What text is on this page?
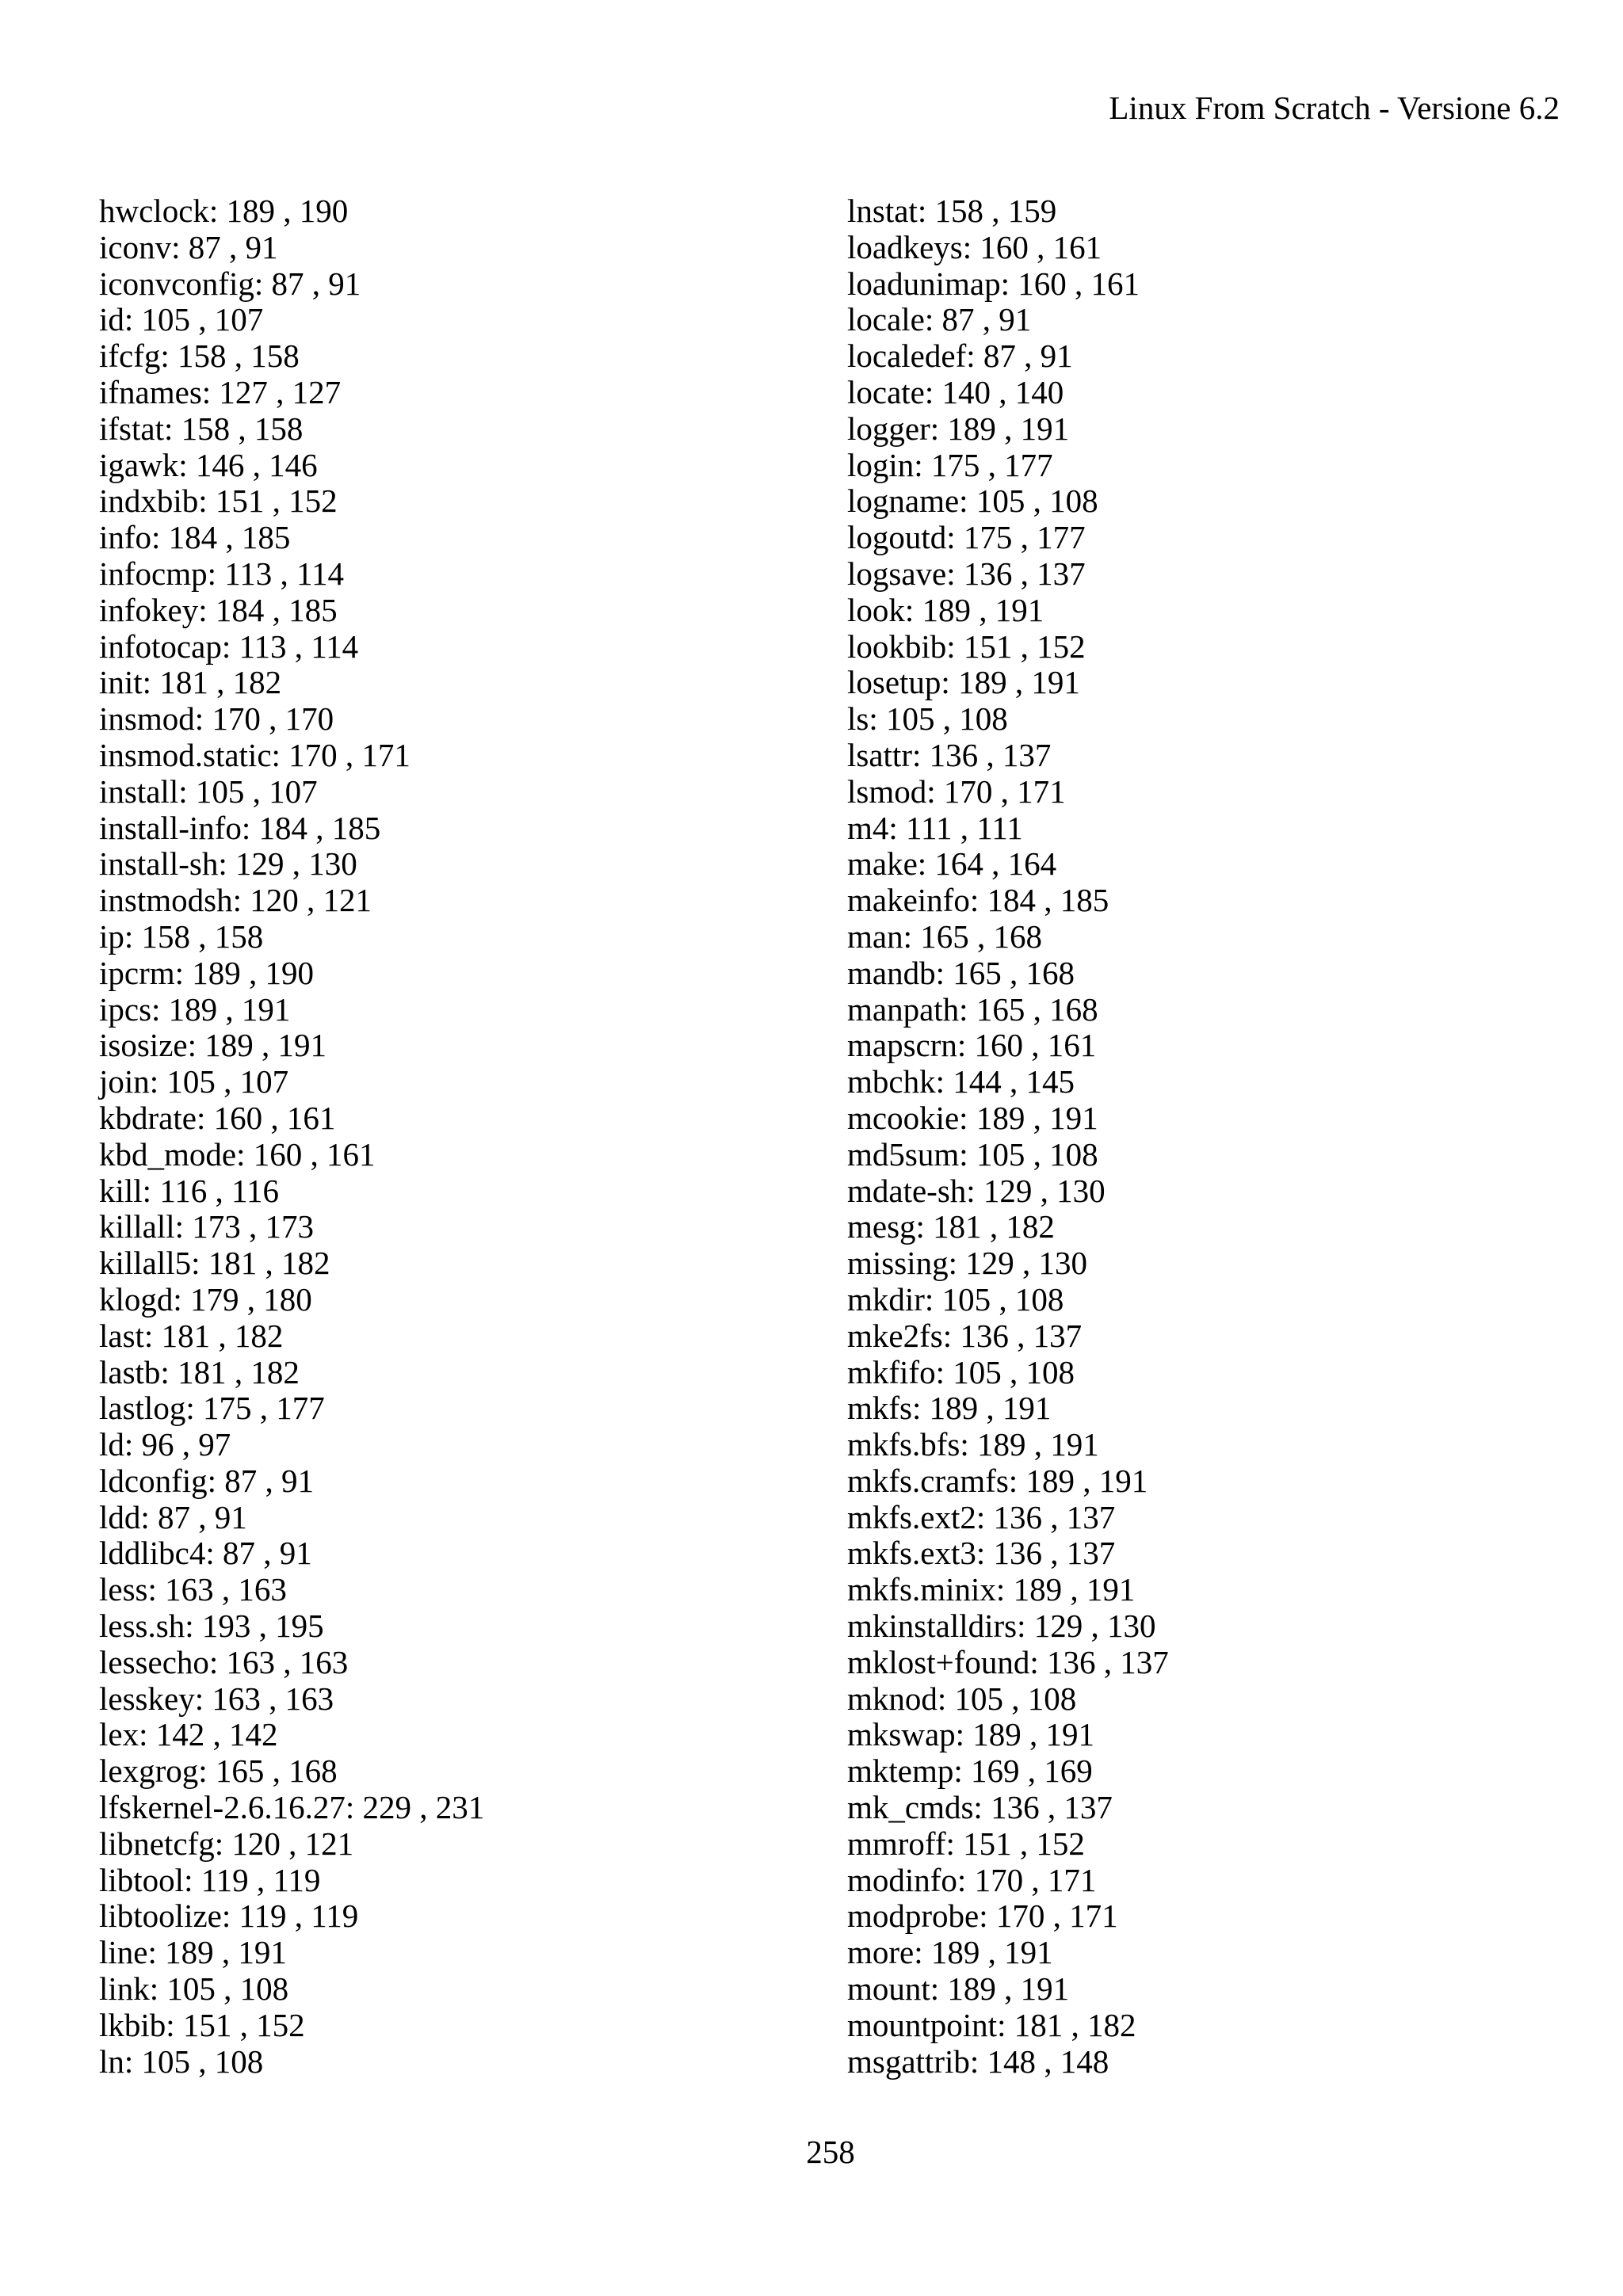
Linux From Scratch - Versione 6.2
hwclock: 189 , 190
iconv: 87 , 91
iconvconfig: 87 , 91
id: 105 , 107
ifcfg: 158 , 158
ifnames: 127 , 127
ifstat: 158 , 158
igawk: 146 , 146
indxbib: 151 , 152
info: 184 , 185
infocmp: 113 , 114
infokey: 184 , 185
infotocap: 113 , 114
init: 181 , 182
insmod: 170 , 170
insmod.static: 170 , 171
install: 105 , 107
install-info: 184 , 185
install-sh: 129 , 130
instmodsh: 120 , 121
ip: 158 , 158
ipcrm: 189 , 190
ipcs: 189 , 191
isosize: 189 , 191
join: 105 , 107
kbdrate: 160 , 161
kbd_mode: 160 , 161
kill: 116 , 116
killall: 173 , 173
killall5: 181 , 182
klogd: 179 , 180
last: 181 , 182
lastb: 181 , 182
lastlog: 175 , 177
ld: 96 , 97
ldconfig: 87 , 91
ldd: 87 , 91
lddlibc4: 87 , 91
less: 163 , 163
less.sh: 193 , 195
lessecho: 163 , 163
lesskey: 163 , 163
lex: 142 , 142
lexgrog: 165 , 168
lfskernel-2.6.16.27: 229 , 231
libnetcfg: 120 , 121
libtool: 119 , 119
libtoolize: 119 , 119
line: 189 , 191
link: 105 , 108
lkbib: 151 , 152
ln: 105 , 108
lnstat: 158 , 159
loadkeys: 160 , 161
loadunimap: 160 , 161
locale: 87 , 91
localedef: 87 , 91
locate: 140 , 140
logger: 189 , 191
login: 175 , 177
logname: 105 , 108
logoutd: 175 , 177
logsave: 136 , 137
look: 189 , 191
lookbib: 151 , 152
losetup: 189 , 191
ls: 105 , 108
lsattr: 136 , 137
lsmod: 170 , 171
m4: 111 , 111
make: 164 , 164
makeinfo: 184 , 185
man: 165 , 168
mandb: 165 , 168
manpath: 165 , 168
mapscrn: 160 , 161
mbchk: 144 , 145
mcookie: 189 , 191
md5sum: 105 , 108
mdate-sh: 129 , 130
mesg: 181 , 182
missing: 129 , 130
mkdir: 105 , 108
mke2fs: 136 , 137
mkfifo: 105 , 108
mkfs: 189 , 191
mkfs.bfs: 189 , 191
mkfs.cramfs: 189 , 191
mkfs.ext2: 136 , 137
mkfs.ext3: 136 , 137
mkfs.minix: 189 , 191
mkinstalldirs: 129 , 130
mklost+found: 136 , 137
mknod: 105 , 108
mkswap: 189 , 191
mktemp: 169 , 169
mk_cmds: 136 , 137
mmroff: 151 , 152
modinfo: 170 , 171
modprobe: 170 , 171
more: 189 , 191
mount: 189 , 191
mountpoint: 181 , 182
msgattrib: 148 , 148
258
